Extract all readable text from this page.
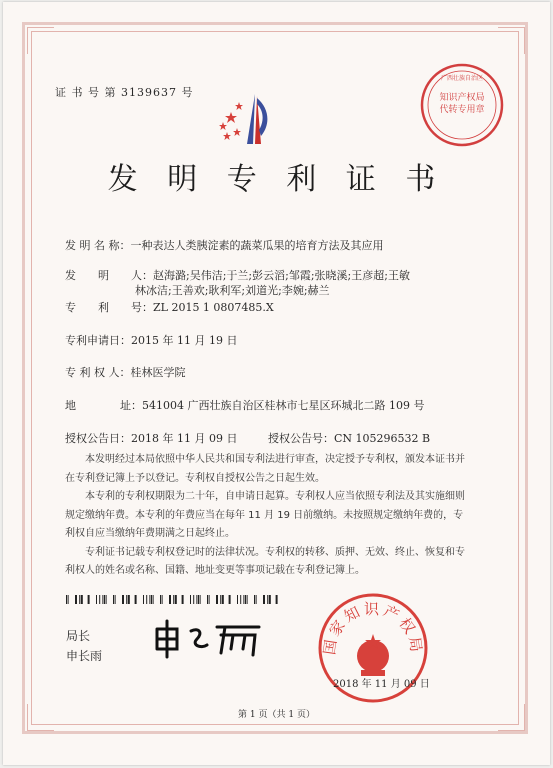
证 书 号 第 3139637 号	知识产权局
代转专用章
广西壮族自治区
发 明 专 利 证 书
发 明 名 称：一种表达人类胰淀素的蔬菜瓜果的培育方法及其应用
发　　明　　人：赵海潞;吴伟洁;于兰;彭云滔;邹霞;张晓溪;王彦超;王敏
林冰洁;王善欢;耿利军;刘道光;李婉;赫兰
专　　利　　号：ZL 2015 1 0807485.X
专利申请日：2015 年 11 月 19 日
专 利 权 人：桂林医学院
地　　　　址：541004 广西壮族自治区桂林市七星区环城北二路 109 号
授权公告日：2018 年 11 月 09 日	授权公告号：CN 105296532 B

本发明经过本局依照中华人民共和国专利法进行审查，决定授予专利权，颁发本证书并在专利登记簿上予以登记。专利权自授权公告之日起生效。

本专利的专利权期限为二十年，自申请日起算。专利权人应当依照专利法及其实施细则规定缴纳年费。本专利的年费应当在每年 11 月 19 日前缴纳。未按照规定缴纳年费的，专利权自应当缴纳年费期满之日起终止。

专利证书记载专利权登记时的法律状况。专利权的转移、质押、无效、终止、恢复和专利权人的姓名或名称、国籍、地址变更等事项记载在专利登记簿上。

局长
申长雨
国家知识产权局
2018 年 11 月 09 日
第 1 页（共 1 页）
